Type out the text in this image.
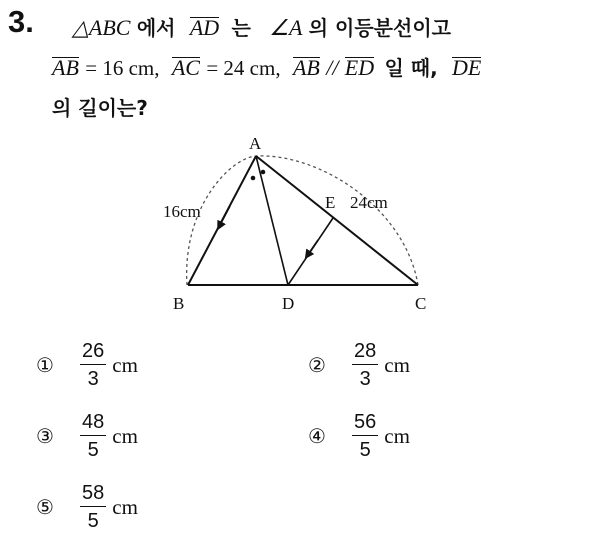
3. △ABC 에서 AD 는 ∠A 의 이등분선이고
AB = 16 cm, AC = 24 cm, AB // ED 일 때, DE
의 길이는?
A
B	C
D
E
16cm	24cm
①	$\frac{26}{3}$ cm	②	$\frac{28}{3}$ cm
③	$\frac{48}{5}$ cm	④	$\frac{56}{5}$ cm
⑤	$\frac{58}{5}$ cm
